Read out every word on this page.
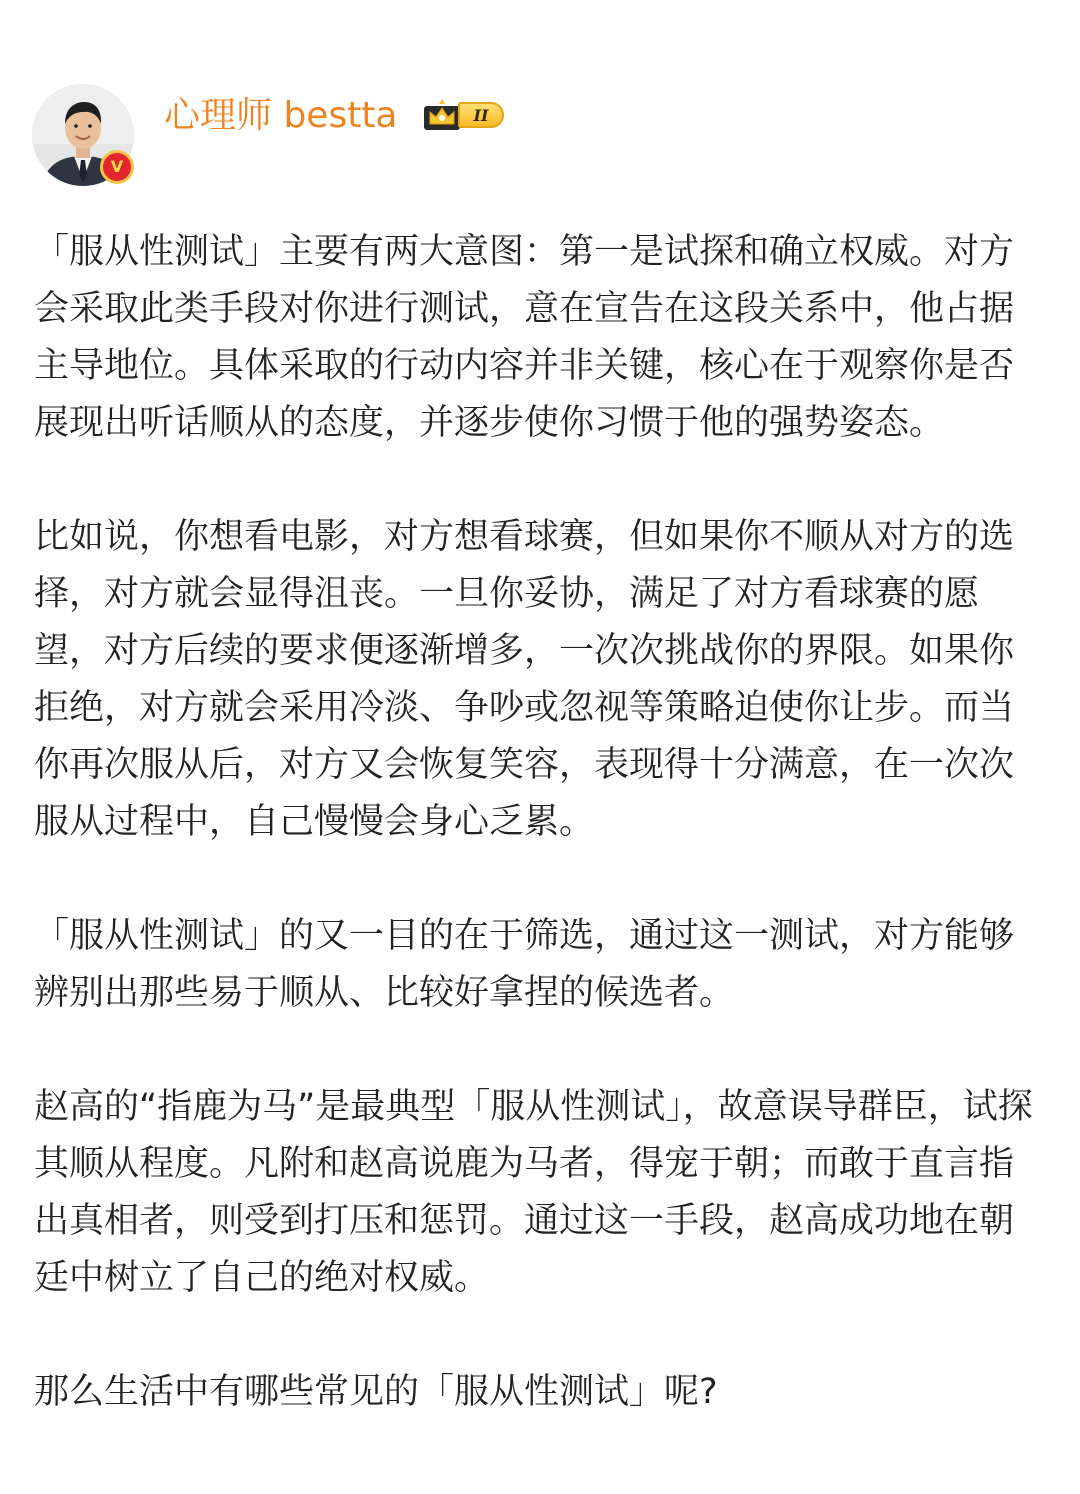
V
心理师 bestta	II

「服从性测试」主要有两大意图：第一是试探和确立权威。对方会采取此类手段对你进行测试，意在宣告在这段关系中，他占据主导地位。具体采取的行动内容并非关键，核心在于观察你是否展现出听话顺从的态度，并逐步使你习惯于他的强势姿态。

比如说，你想看电影，对方想看球赛，但如果你不顺从对方的选择，对方就会显得沮丧。一旦你妥协，满足了对方看球赛的愿望，对方后续的要求便逐渐增多，一次次挑战你的界限。如果你拒绝，对方就会采用冷淡、争吵或忽视等策略迫使你让步。而当你再次服从后，对方又会恢复笑容，表现得十分满意，在一次次服从过程中，自己慢慢会身心乏累。

「服从性测试」的又一目的在于筛选，通过这一测试，对方能够辨别出那些易于顺从、比较好拿捏的候选者。

赵高的“指鹿为马”是最典型「服从性测试」，故意误导群臣，试探其顺从程度。凡附和赵高说鹿为马者，得宠于朝；而敢于直言指出真相者，则受到打压和惩罚。通过这一手段，赵高成功地在朝廷中树立了自己的绝对权威。

那么生活中有哪些常见的「服从性测试」呢?
